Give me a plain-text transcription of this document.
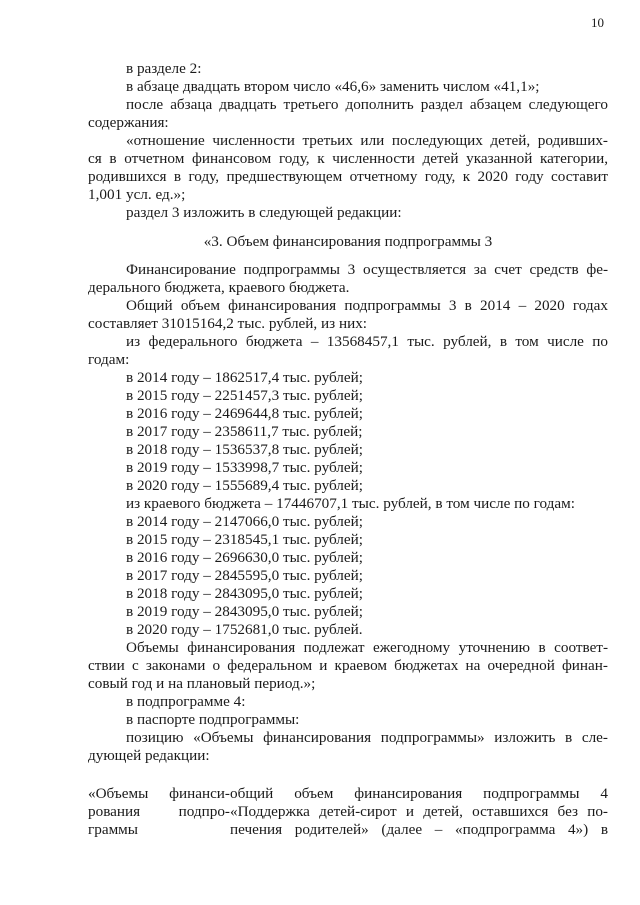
10
в разделе 2:
в абзаце двадцать втором число «46,6» заменить числом «41,1»;
после абзаца двадцать третьего дополнить раздел абзацем следующего
содержания:
«отношение численности третьих или последующих детей, родивших-
ся в отчетном финансовом году, к численности детей указанной категории,
родившихся в году, предшествующем отчетному году, к 2020 году составит
1,001 усл. ед.»;
раздел 3 изложить в следующей редакции:
«3. Объем финансирования подпрограммы 3
Финансирование подпрограммы 3 осуществляется за счет средств фе-
дерального бюджета, краевого бюджета.
Общий объем финансирования подпрограммы 3 в 2014 – 2020 годах
составляет 31015164,2 тыс. рублей, из них:
из федерального бюджета – 13568457,1 тыс. рублей, в том числе по
годам:
в 2014 году – 1862517,4 тыс. рублей;
в 2015 году – 2251457,3 тыс. рублей;
в 2016 году – 2469644,8 тыс. рублей;
в 2017 году – 2358611,7 тыс. рублей;
в 2018 году – 1536537,8 тыс. рублей;
в 2019 году – 1533998,7 тыс. рублей;
в 2020 году – 1555689,4 тыс. рублей;
из краевого бюджета – 17446707,1 тыс. рублей, в том числе по годам:
в 2014 году – 2147066,0 тыс. рублей;
в 2015 году – 2318545,1 тыс. рублей;
в 2016 году – 2696630,0 тыс. рублей;
в 2017 году – 2845595,0 тыс. рублей;
в 2018 году – 2843095,0 тыс. рублей;
в 2019 году – 2843095,0 тыс. рублей;
в 2020 году – 1752681,0 тыс. рублей.
Объемы финансирования подлежат ежегодному уточнению в соответ-
ствии с законами о федеральном и краевом бюджетах на очередной финан-
совый год и на плановый период.»;
в подпрограмме 4:
в паспорте подпрограммы:
позицию «Объемы финансирования подпрограммы» изложить в сле-
дующей редакции:
«Объемы финанси-
рования подпро-
граммы
общий объем финансирования подпрограммы 4
«Поддержка детей-сирот и детей, оставшихся без по-
печения родителей» (далее – «подпрограмма 4») в
